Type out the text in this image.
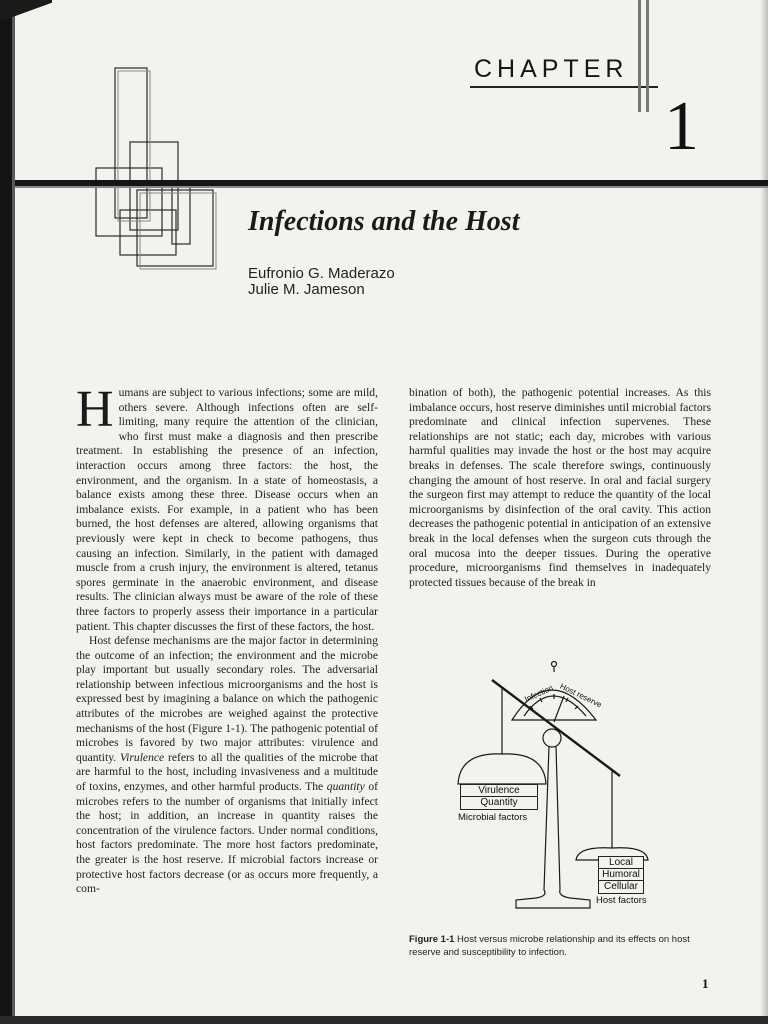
CHAPTER
1
Infections and the Host
Eufronio G. Maderazo
Julie M. Jameson

Humans are subject to various infections; some are mild, others severe. Although infections often are self-limiting, many require the attention of the clinician, who first must make a diagnosis and then prescribe treatment. In establishing the presence of an infection, interaction occurs among three factors: the host, the environment, and the organism. In a state of homeostasis, a balance exists among these three. Disease occurs when an imbalance exists. For example, in a patient who has been burned, the host defenses are altered, allowing organisms that previously were kept in check to become pathogens, thus causing an infection. Similarly, in the patient with damaged muscle from a crush injury, the environment is altered, tetanus spores germinate in the anaerobic environment, and disease results. The clinician always must be aware of the role of these three factors to properly assess their importance in a particular patient. This chapter discusses the first of these factors, the host.

Host defense mechanisms are the major factor in determining the outcome of an infection; the environment and the microbe play important but usually secondary roles. The adversarial relationship between infectious microorganisms and the host is expressed best by imagining a balance on which the pathogenic attributes of the microbes are weighed against the protective mechanisms of the host (Figure 1-1). The pathogenic potential of microbes is favored by two major attributes: virulence and quantity. Virulence refers to all the qualities of the microbe that are harmful to the host, including invasiveness and a multitude of toxins, enzymes, and other harmful products. The quantity of microbes refers to the number of organisms that initially infect the host; in addition, an increase in quantity raises the concentration of the virulence factors. Under normal conditions, host factors predominate. The more host factors predominate, the greater is the host reserve. If microbial factors increase or protective host factors decrease (or as occurs more frequently, a com-

bination of both), the pathogenic potential increases. As this imbalance occurs, host reserve diminishes until microbial factors predominate and clinical infection supervenes. These relationships are not static; each day, microbes with various harmful qualities may invade the host or the host may acquire breaks in defenses. The scale therefore swings, continuously changing the amount of host reserve. In oral and facial surgery the surgeon first may attempt to reduce the quantity of the local microorganisms by disinfection of the oral cavity. This action decreases the pathogenic potential in anticipation of an extensive break in the local defenses when the surgeon cuts through the oral mucosa into the deeper tissues. During the operative procedure, microorganisms find themselves in inadequately protected tissues because of the break in

Infection Host reserve
Virulence
Quantity
Microbial factors
Local
Humoral
Cellular
Host factors
Figure 1-1 Host versus microbe relationship and its effects on host reserve and susceptibility to infection.
1
